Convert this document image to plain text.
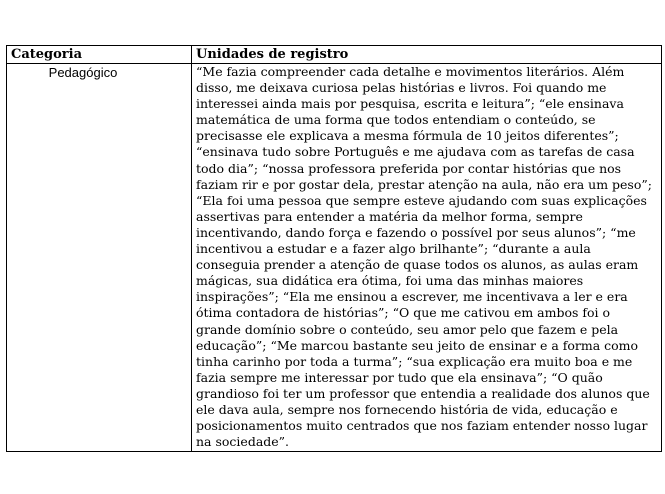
Categoria	Unidades de registro
Pedagógico	“Me fazia compreender cada detalhe e movimentos literários. Além disso, me deixava curiosa pelas histórias e livros. Foi quando me interessei ainda mais por pesquisa, escrita e leitura”; “ele ensinava matemática de uma forma que todos entendiam o conteúdo, se precisasse ele explicava a mesma fórmula de 10 jeitos diferentes”; “ensinava tudo sobre Português e me ajudava com as tarefas de casa todo dia”; “nossa professora preferida por contar histórias que nos faziam rir e por gostar dela, prestar atenção na aula, não era um peso”; “Ela foi uma pessoa que sempre esteve ajudando com suas explicações assertivas para entender a matéria da melhor forma, sempre incentivando, dando força e fazendo o possível por seus alunos”; “me incentivou a estudar e a fazer algo brilhante”; “durante a aula conseguia prender a atenção de quase todos os alunos, as aulas eram mágicas, sua didática era ótima, foi uma das minhas maiores inspirações”; “Ela me ensinou a escrever, me incentivava a ler e era ótima contadora de histórias”; “O que me cativou em ambos foi o grande domínio sobre o conteúdo, seu amor pelo que fazem e pela educação”; “Me marcou bastante seu jeito de ensinar e a forma como tinha carinho por toda a turma”; “sua explicação era muito boa e me fazia sempre me interessar por tudo que ela ensinava”; “O quão grandioso foi ter um professor que entendia a realidade dos alunos que ele dava aula, sempre nos fornecendo história de vida, educação e posicionamentos muito centrados que nos faziam entender nosso lugar na sociedade”.
